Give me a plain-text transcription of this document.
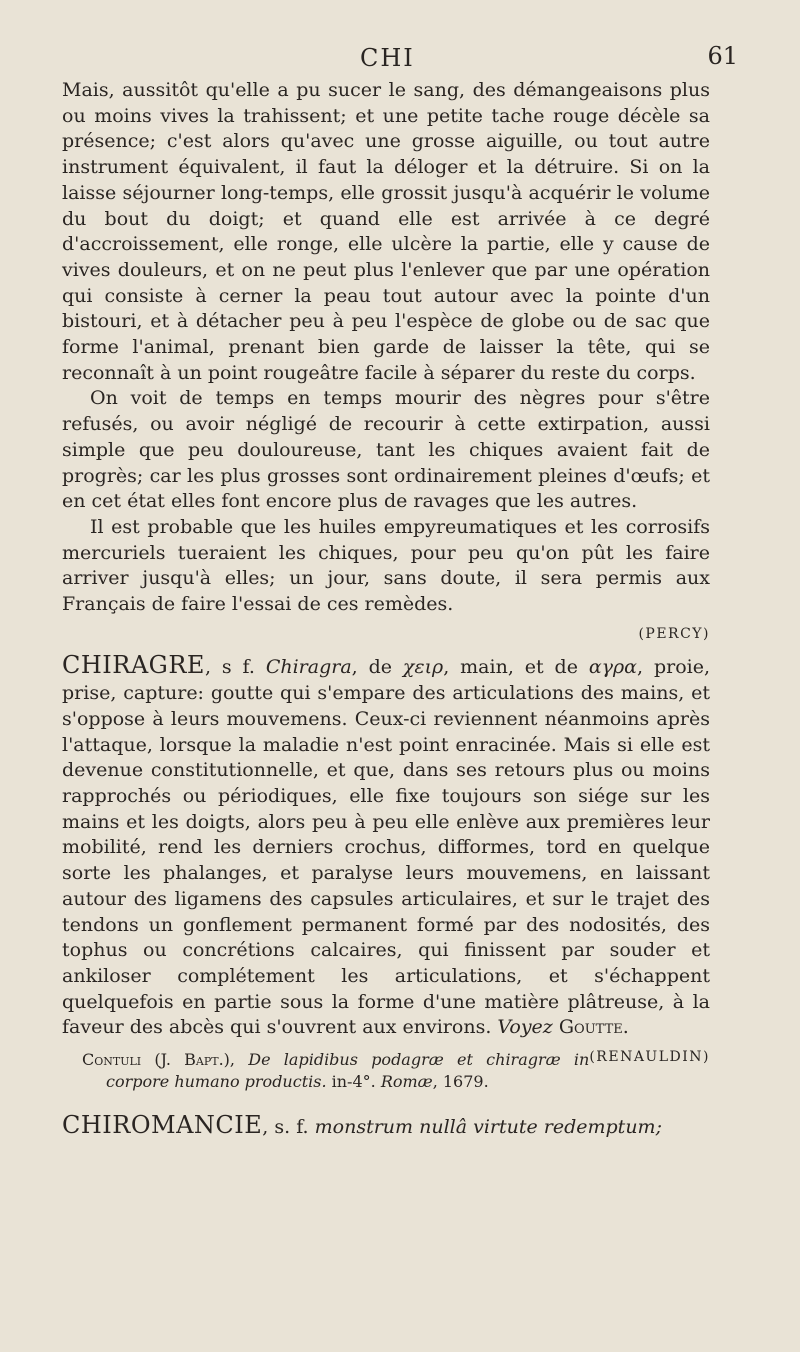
CHI	61

Mais, aussitôt qu'elle a pu sucer le sang, des démangeaisons plus ou moins vives la trahissent; et une petite tache rouge décèle sa présence; c'est alors qu'avec une grosse aiguille, ou tout autre instrument équivalent, il faut la déloger et la détruire. Si on la laisse séjourner long-temps, elle grossit jusqu'à acquérir le volume du bout du doigt; et quand elle est arrivée à ce degré d'accroissement, elle ronge, elle ulcère la partie, elle y cause de vives douleurs, et on ne peut plus l'enlever que par une opération qui consiste à cerner la peau tout autour avec la pointe d'un bistouri, et à détacher peu à peu l'espèce de globe ou de sac que forme l'animal, prenant bien garde de laisser la tête, qui se reconnaît à un point rougeâtre facile à séparer du reste du corps.

On voit de temps en temps mourir des nègres pour s'être refusés, ou avoir négligé de recourir à cette extirpation, aussi simple que peu douloureuse, tant les chiques avaient fait de progrès; car les plus grosses sont ordinairement pleines d'œufs; et en cet état elles font encore plus de ravages que les autres.

Il est probable que les huiles empyreumatiques et les corrosifs mercuriels tueraient les chiques, pour peu qu'on pût les faire arriver jusqu'à elles; un jour, sans doute, il sera permis aux Français de faire l'essai de ces remèdes.

(PERCY)

CHIRAGRE, s f. Chiragra, de χειρ, main, et de αγρα, proie, prise, capture: goutte qui s'empare des articulations des mains, et s'oppose à leurs mouvemens. Ceux-ci reviennent néanmoins après l'attaque, lorsque la maladie n'est point enracinée. Mais si elle est devenue constitutionnelle, et que, dans ses retours plus ou moins rapprochés ou périodiques, elle fixe toujours son siége sur les mains et les doigts, alors peu à peu elle enlève aux premières leur mobilité, rend les derniers crochus, difformes, tord en quelque sorte les phalanges, et paralyse leurs mouvemens, en laissant autour des ligamens des capsules articulaires, et sur le trajet des tendons un gonflement permanent formé par des nodosités, des tophus ou concrétions calcaires, qui finissent par souder et ankiloser complétement les articulations, et s'échappent quelquefois en partie sous la forme d'une matière plâtreuse, à la faveur des abcès qui s'ouvrent aux environs. Voyez Goutte.
(RENAULDIN)

Contuli (J. Bapt.), De lapidibus podagræ et chiragræ in corpore humano productis. in-4°. Romæ, 1679.

CHIROMANCIE, s. f. monstrum nullâ virtute redemptum;
